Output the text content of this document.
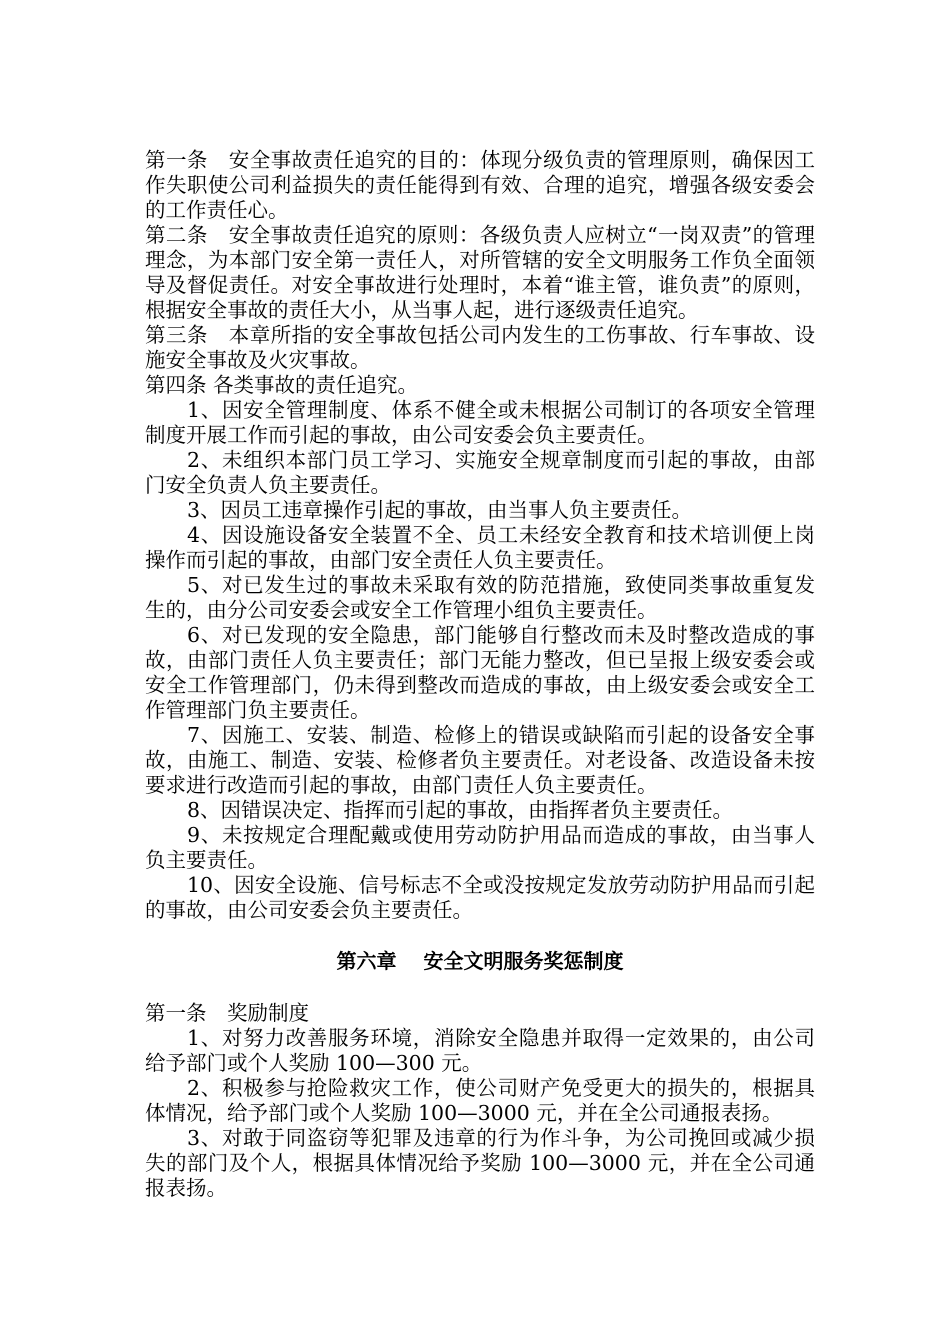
第一条　安全事故责任追究的目的：体现分级负责的管理原则，确保因工作失职使公司利益损失的责任能得到有效、合理的追究，增强各级安委会的工作责任心。

第二条　安全事故责任追究的原则：各级负责人应树立“一岗双责”的管理理念，为本部门安全第一责任人，对所管辖的安全文明服务工作负全面领导及督促责任。对安全事故进行处理时，本着“谁主管，谁负责”的原则，根据安全事故的责任大小，从当事人起，进行逐级责任追究。

第三条　本章所指的安全事故包括公司内发生的工伤事故、行车事故、设施安全事故及火灾事故。

第四条 各类事故的责任追究。

1、因安全管理制度、体系不健全或未根据公司制订的各项安全管理制度开展工作而引起的事故，由公司安委会负主要责任。

2、未组织本部门员工学习、实施安全规章制度而引起的事故，由部门安全负责人负主要责任。

3、因员工违章操作引起的事故，由当事人负主要责任。

4、因设施设备安全装置不全、员工未经安全教育和技术培训便上岗操作而引起的事故，由部门安全责任人负主要责任。

5、对已发生过的事故未采取有效的防范措施，致使同类事故重复发生的，由分公司安委会或安全工作管理小组负主要责任。

6、对已发现的安全隐患，部门能够自行整改而未及时整改造成的事故，由部门责任人负主要责任；部门无能力整改，但已呈报上级安委会或安全工作管理部门，仍未得到整改而造成的事故，由上级安委会或安全工作管理部门负主要责任。

7、因施工、安装、制造、检修上的错误或缺陷而引起的设备安全事故，由施工、制造、安装、检修者负主要责任。对老设备、改造设备未按要求进行改造而引起的事故，由部门责任人负主要责任。

8、因错误决定、指挥而引起的事故，由指挥者负主要责任。

9、未按规定合理配戴或使用劳动防护用品而造成的事故，由当事人负主要责任。

10、因安全设施、信号标志不全或没按规定发放劳动防护用品而引起的事故，由公司安委会负主要责任。

第六章　 安全文明服务奖惩制度

第一条　奖励制度

1、对努力改善服务环境，消除安全隐患并取得一定效果的，由公司给予部门或个人奖励 100—300 元。

2、积极参与抢险救灾工作，使公司财产免受更大的损失的，根据具体情况，给予部门或个人奖励 100—3000 元，并在全公司通报表扬。

3、对敢于同盗窃等犯罪及违章的行为作斗争，为公司挽回或减少损失的部门及个人，根据具体情况给予奖励 100—3000 元，并在全公司通报表扬。
